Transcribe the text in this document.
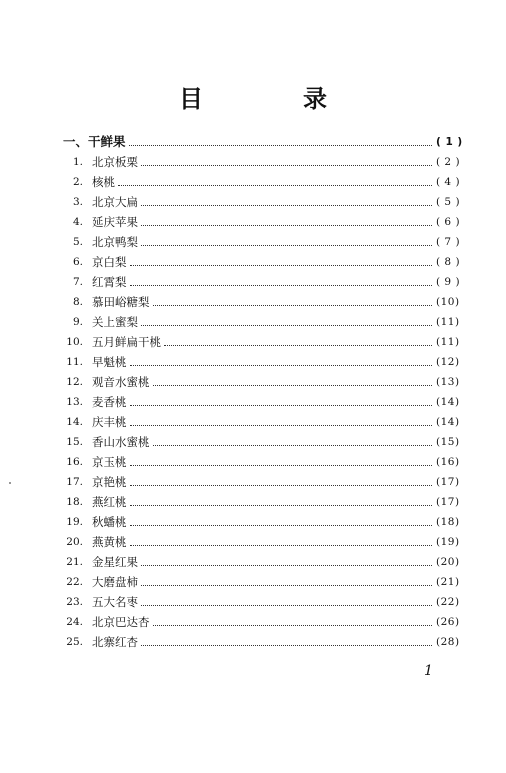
目　录
一、 干鲜果	( 1 )
1. 北京板栗	( 2 )
2. 核桃	( 4 )
3. 北京大扁	( 5 )
4. 延庆苹果	( 6 )
5. 北京鸭梨	( 7 )
6. 京白梨	( 8 )
7. 红霄梨	( 9 )
8. 慕田峪糖梨	(10)
9. 关上蜜梨	(11)
10. 五月鲜扁干桃	(11)
11. 早魁桃	(12)
12. 观音水蜜桃	(13)
13. 麦香桃	(14)
14. 庆丰桃	(14)
15. 香山水蜜桃	(15)
16. 京玉桃	(16)
17. 京艳桃	(17)
18. 燕红桃	(17)
19. 秋蟠桃	(18)
20. 燕黄桃	(19)
21. 金星红果	(20)
22. 大磨盘柿	(21)
23. 五大名枣	(22)
24. 北京巴达杏	(26)
25. 北寨红杏	(28)
1
